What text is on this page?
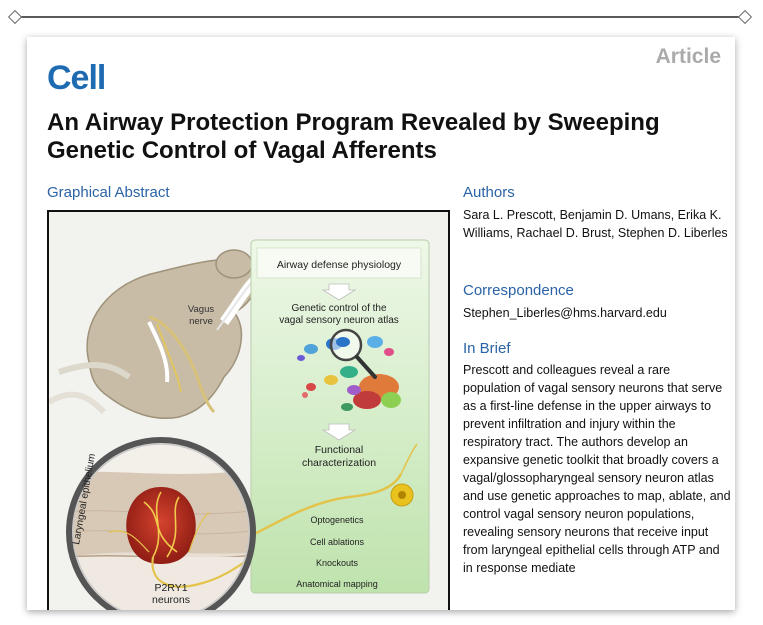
Cell
Article
An Airway Protection Program Revealed by Sweeping Genetic Control of Vagal Afferents
Graphical Abstract	Authors
Sara L. Prescott, Benjamin D. Umans, Erika K. Williams, Rachael D. Brust, Stephen D. Liberles
Correspondence
Stephen_Liberles@hms.harvard.edu
In Brief
Prescott and colleagues reveal a rare population of vagal sensory neurons that serve as a first-line defense in the upper airways to prevent infiltration and injury within the respiratory tract. The authors develop an expansive genetic toolkit that broadly covers a vagal/glossopharyngeal sensory neuron atlas and use genetic approaches to map, ablate, and control vagal sensory neuron populations, revealing sensory neurons that receive input from laryngeal epithelial cells through ATP and in response mediate
Vagus
nerve
Airway defense physiology
Genetic control of the
vagal sensory neuron atlas
Functional
characterization
Optogenetics
Cell ablations
Knockouts
Anatomical mapping
Laryngeal epithelium
P2RY1
neurons
